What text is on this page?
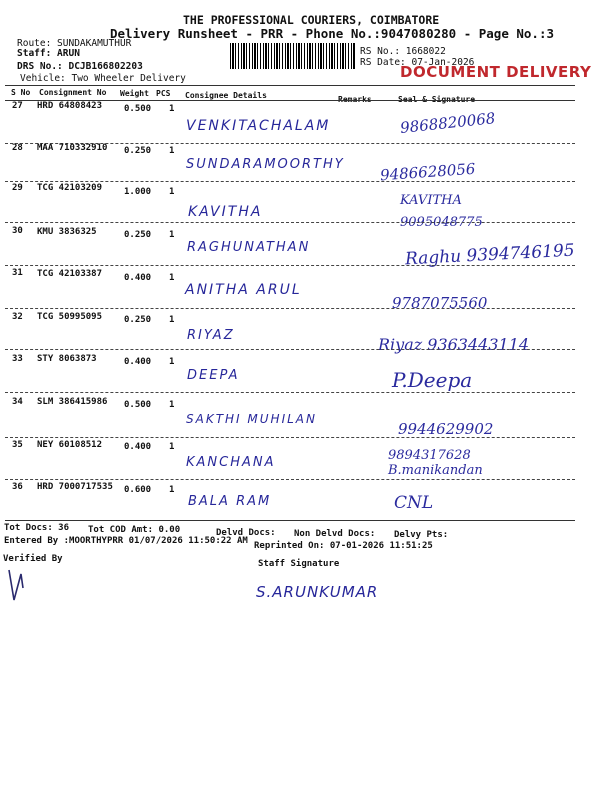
THE PROFESSIONAL COURIERS, COIMBATORE
Delivery Runsheet - PRR - Phone No.:9047080280 - Page No.:3
Route: SUNDAKAMUTHUR
Staff: ARUN
DRS No.: DCJB166802203
Vehicle: Two Wheeler Delivery
RS No.: 1668022
RS Date: 07-Jan-2026
DOCUMENT DELIVERY
S No Consignment No Weight PCS Consignee Details	Remarks	Seal & Signature
27 HRD 64808423 0.500 1
VENKITACHALAM	9868820068
28 MAA 710332910 0.250 1
SUNDARAMOORTHY 9486628056
29 TCG 42103209 1.000 1
KAVITHA
KAVITHA 9095048775
30 KMU 3836325	0.250 1
RAGHUNATHAN	Raghu 9394746195
31 TCG 42103387 0.400 1
ANITHA ARUL
9787075560
32 TCG 50995095 0.250 1
RIYAZ	Riyaz 9363443114
33 STY 8063873	0.400 1
DEEPA	P.Deepa
34 SLM 386415986 0.500 1
SAKTHI MUHILAN
9944629902
35 NEY 60108512 0.400 1
KANCHANA	9894317628 B.manikandan
36 HRD 7000717535 0.600 1
BALA RAM	CNL
Tot Docs: 36 Tot COD Amt: 0.00	Delvd Docs: Non Delvd Docs: Delvy Pts:
Entered By :MOORTHYPRR 01/07/2026 11:50:22 AM Reprinted On: 07-01-2026 11:51:25
Verified By	Staff Signature
S.ARUNKUMAR
